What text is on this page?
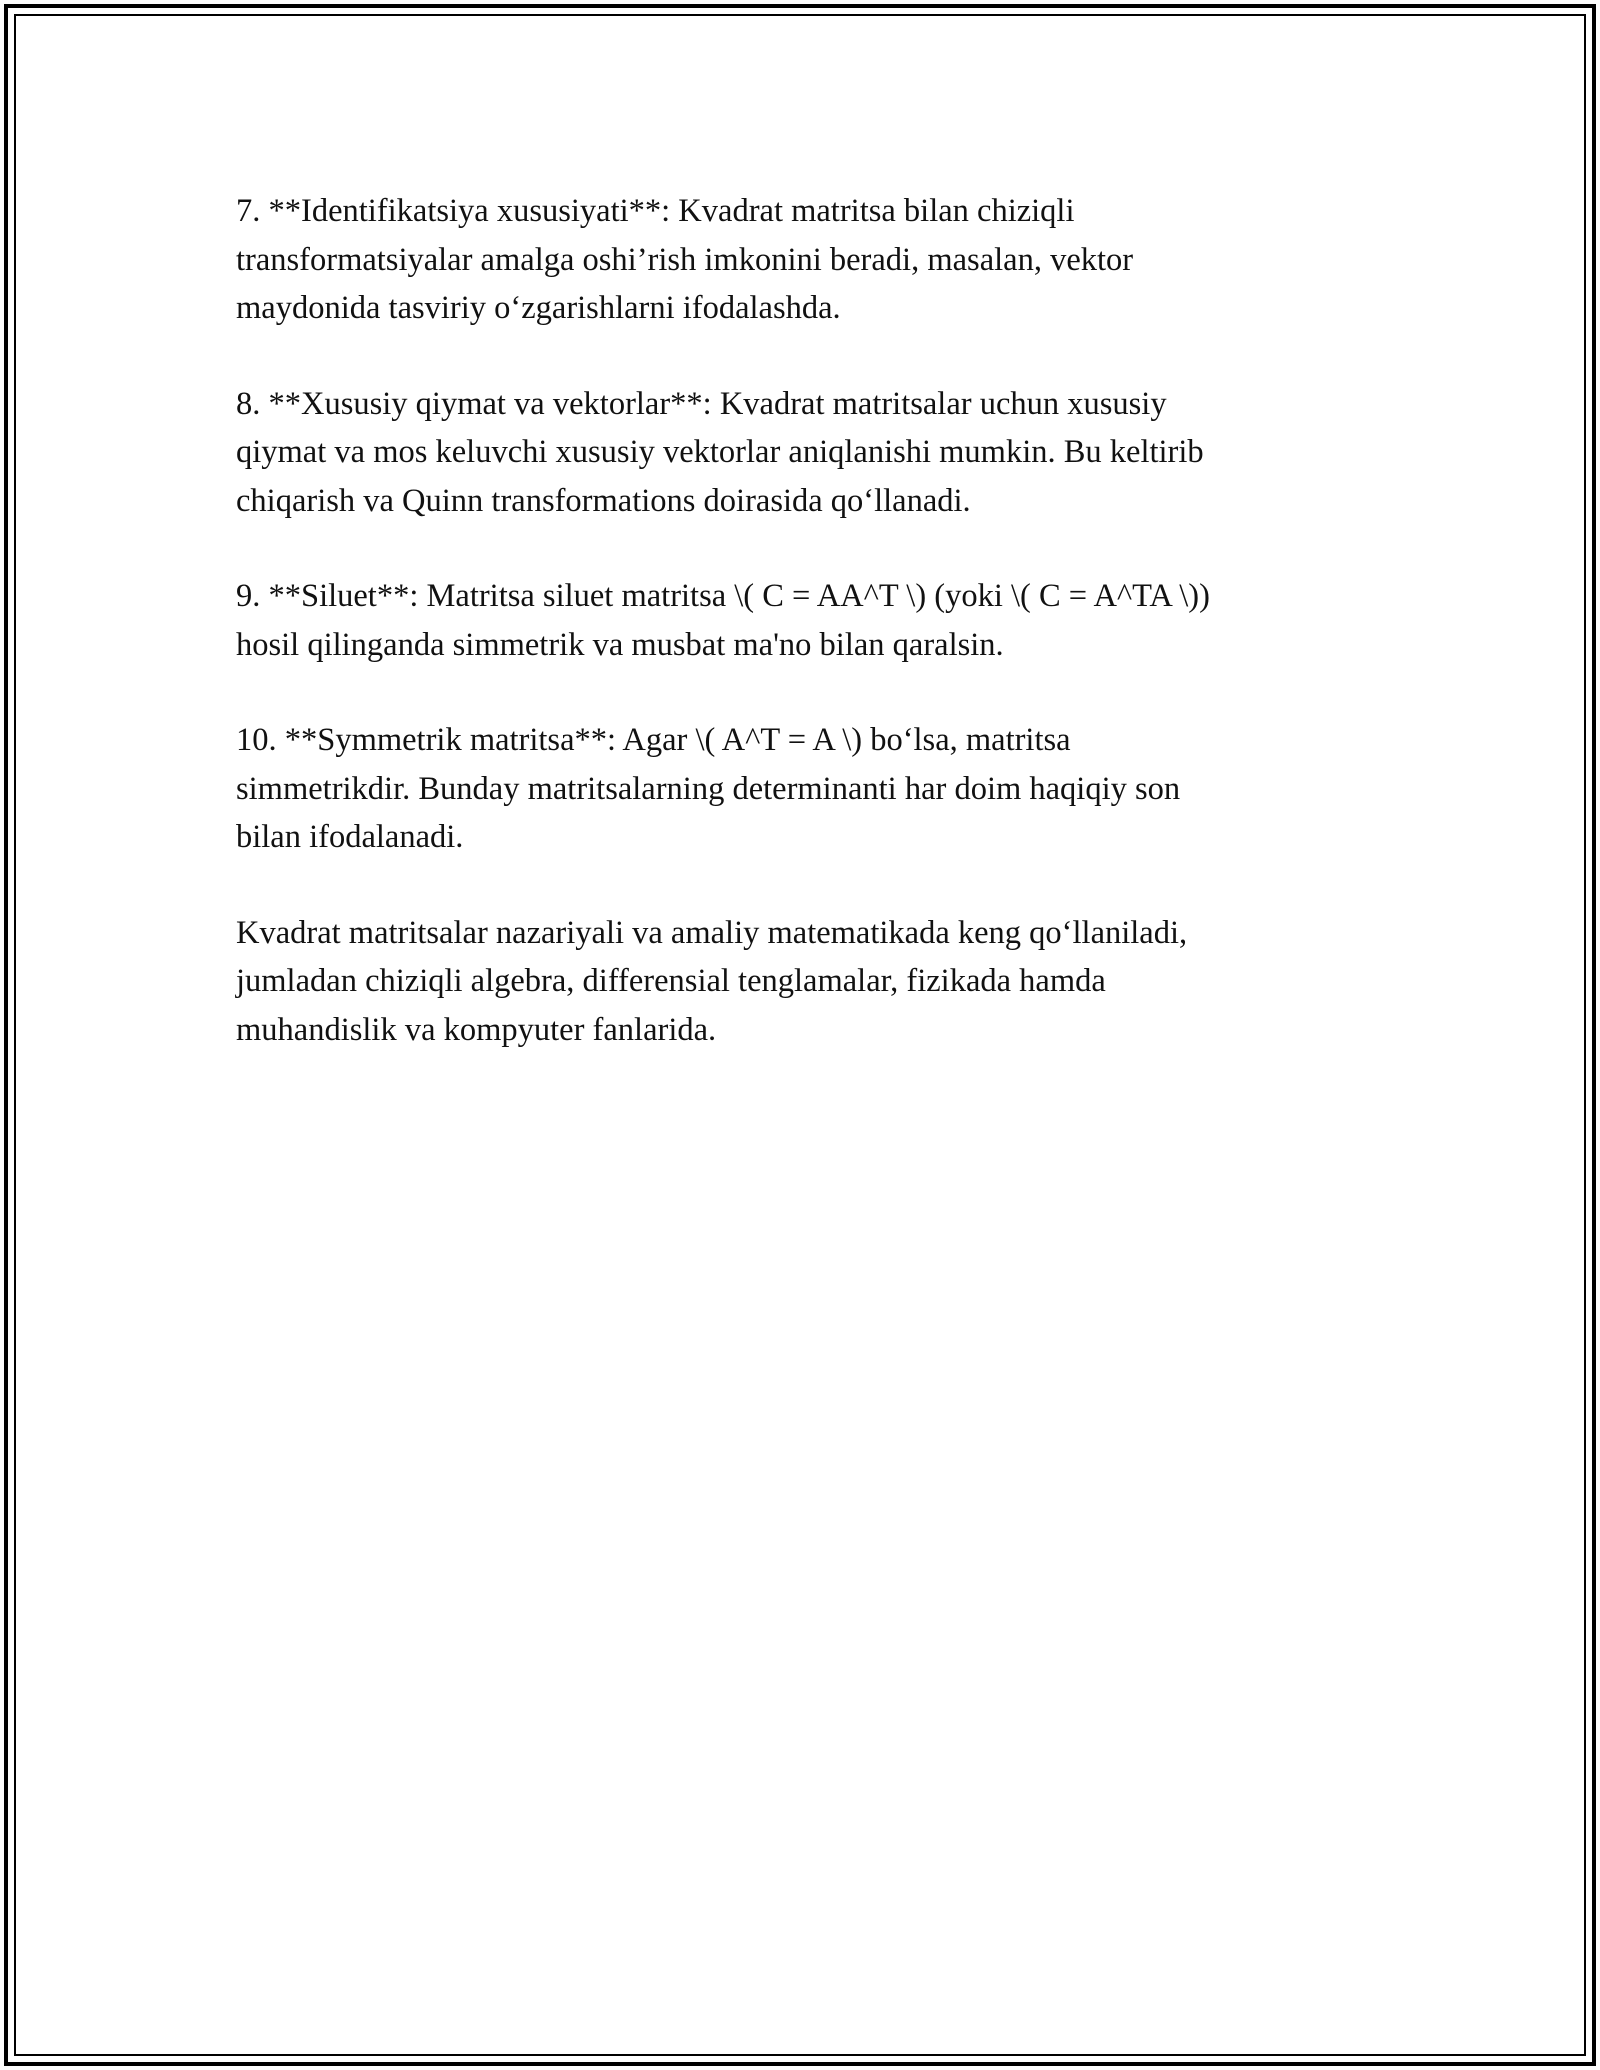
7. **Identifikatsiya xususiyati**: Kvadrat matritsa bilan chiziqli
transformatsiyalar amalga oshi’rish imkonini beradi, masalan, vektor
maydonida tasviriy o‘zgarishlarni ifodalashda.

8. **Xususiy qiymat va vektorlar**: Kvadrat matritsalar uchun xususiy
qiymat va mos keluvchi xususiy vektorlar aniqlanishi mumkin. Bu keltirib
chiqarish va Quinn transformations doirasida qo‘llanadi.

9. **Siluet**: Matritsa siluet matritsa \( C = AA^T \) (yoki \( C = A^TA \))
hosil qilinganda simmetrik va musbat ma'no bilan qaralsin.

10. **Symmetrik matritsa**: Agar \( A^T = A \) bo‘lsa, matritsa
simmetrikdir. Bunday matritsalarning determinanti har doim haqiqiy son
bilan ifodalanadi.

Kvadrat matritsalar nazariyali va amaliy matematikada keng qo‘llaniladi,
jumladan chiziqli algebra, differensial tenglamalar, fizikada hamda
muhandislik va kompyuter fanlarida.
